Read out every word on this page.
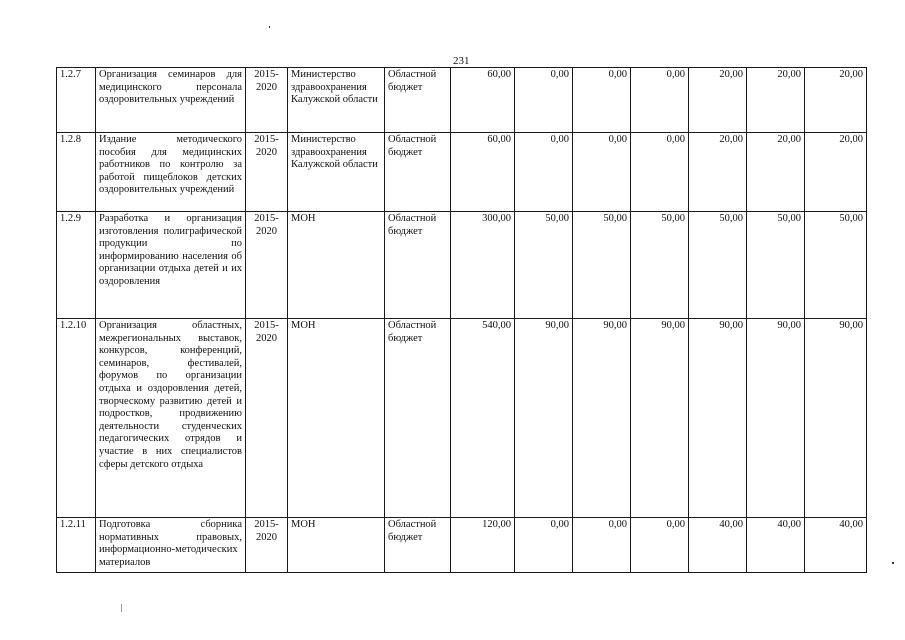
231
1.2.7	Организация семинаров для медицинского персонала оздоровительных учреждений	2015-2020	Министерство здравоохранения Калужской области	Областной бюджет	60,00	0,00	0,00	0,00	20,00	20,00	20,00
1.2.8	Издание методического пособия для медицинских работников по контролю за работой пищеблоков детских оздоровительных учреждений	2015-2020	Министерство здравоохранения Калужской области	Областной бюджет	60,00	0,00	0,00	0,00	20,00	20,00	20,00
1.2.9	Разработка и организация изготовления полиграфической продукции по информированию населения об организации отдыха детей и их оздоровления	2015-2020	МОН	Областной бюджет	300,00	50,00	50,00	50,00	50,00	50,00	50,00
1.2.10	Организация областных, межрегиональных выставок, конкурсов, конференций, семинаров, фестивалей, форумов по организации отдыха и оздоровления детей, творческому развитию детей и подростков, продвижению деятельности студенческих педагогических отрядов и участие в них специалистов сферы детского отдыха	2015-2020	МОН	Областной бюджет	540,00	90,00	90,00	90,00	90,00	90,00	90,00
1.2.11	Подготовка сборника нормативных правовых, информационно-методических материалов	2015-2020	МОН	Областной бюджет	120,00	0,00	0,00	0,00	40,00	40,00	40,00
